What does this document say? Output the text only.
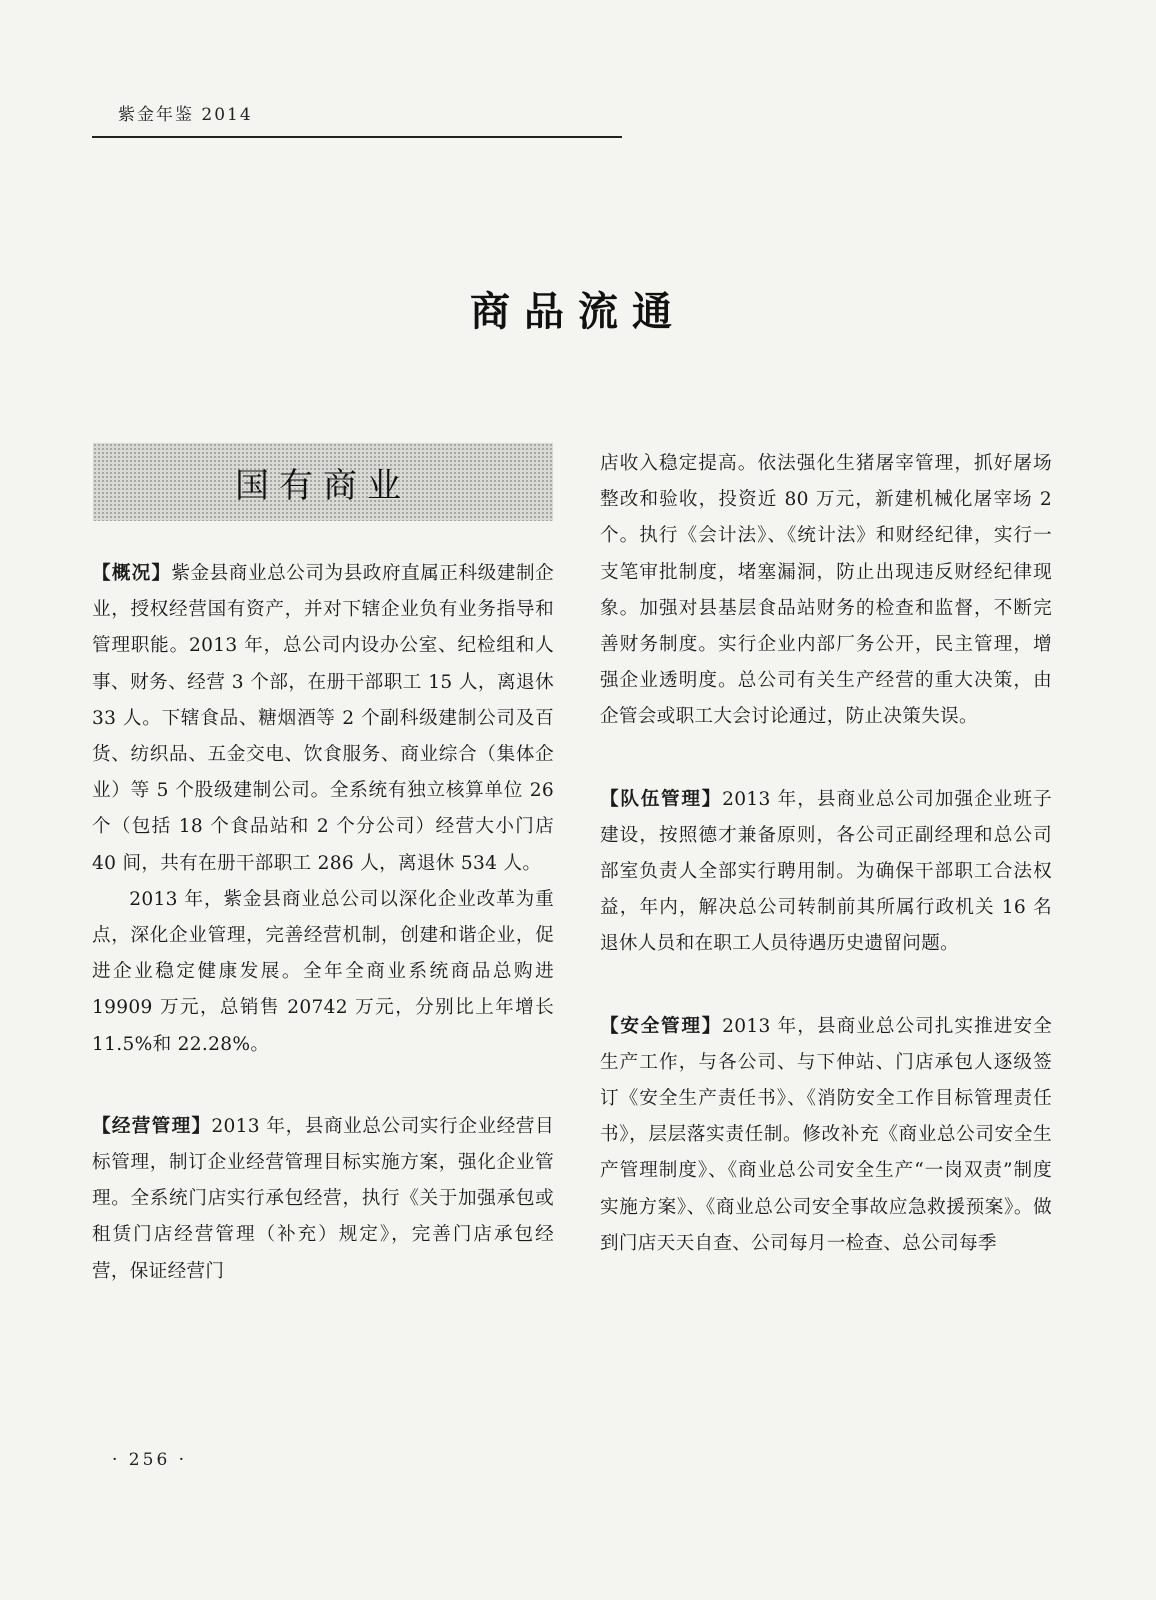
紫金年鉴 2014
商品流通
国有商业

【概况】紫金县商业总公司为县政府直属正科级建制企业，授权经营国有资产，并对下辖企业负有业务指导和管理职能。2013 年，总公司内设办公室、纪检组和人事、财务、经营 3 个部，在册干部职工 15 人，离退休 33 人。下辖食品、糖烟酒等 2 个副科级建制公司及百货、纺织品、五金交电、饮食服务、商业综合（集体企业）等 5 个股级建制公司。全系统有独立核算单位 26 个（包括 18 个食品站和 2 个分公司）经营大小门店 40 间，共有在册干部职工 286 人，离退休 534 人。

2013 年，紫金县商业总公司以深化企业改革为重点，深化企业管理，完善经营机制，创建和谐企业，促进企业稳定健康发展。全年全商业系统商品总购进 19909 万元，总销售 20742 万元，分别比上年增长 11.5%和 22.28%。

【经营管理】2013 年，县商业总公司实行企业经营目标管理，制订企业经营管理目标实施方案，强化企业管理。全系统门店实行承包经营，执行《关于加强承包或租赁门店经营管理（补充）规定》，完善门店承包经营，保证经营门

店收入稳定提高。依法强化生猪屠宰管理，抓好屠场整改和验收，投资近 80 万元，新建机械化屠宰场 2 个。执行《会计法》、《统计法》和财经纪律，实行一支笔审批制度，堵塞漏洞，防止出现违反财经纪律现象。加强对县基层食品站财务的检查和监督，不断完善财务制度。实行企业内部厂务公开，民主管理，增强企业透明度。总公司有关生产经营的重大决策，由企管会或职工大会讨论通过，防止决策失误。

【队伍管理】2013 年，县商业总公司加强企业班子建设，按照德才兼备原则，各公司正副经理和总公司部室负责人全部实行聘用制。为确保干部职工合法权益，年内，解决总公司转制前其所属行政机关 16 名退休人员和在职工人员待遇历史遗留问题。

【安全管理】2013 年，县商业总公司扎实推进安全生产工作，与各公司、与下伸站、门店承包人逐级签订《安全生产责任书》、《消防安全工作目标管理责任书》，层层落实责任制。修改补充《商业总公司安全生产管理制度》、《商业总公司安全生产“一岗双责”制度实施方案》、《商业总公司安全事故应急救援预案》。做到门店天天自查、公司每月一检查、总公司每季

· 256 ·
